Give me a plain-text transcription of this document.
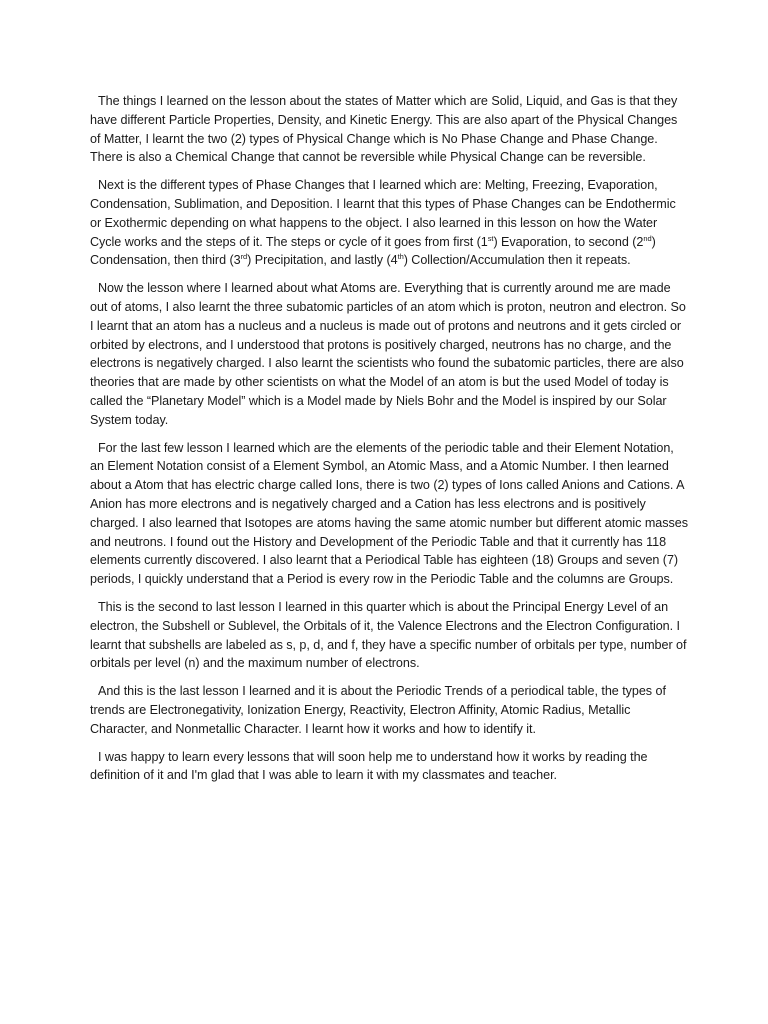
The things I learned on the lesson about the states of Matter which are Solid, Liquid, and Gas is that they have different Particle Properties, Density, and Kinetic Energy. This are also apart of the Physical Changes of Matter, I learnt the two (2) types of Physical Change which is No Phase Change and Phase Change. There is also a Chemical Change that cannot be reversible while Physical Change can be reversible.

Next is the different types of Phase Changes that I learned which are: Melting, Freezing, Evaporation, Condensation, Sublimation, and Deposition. I learnt that this types of Phase Changes can be Endothermic or Exothermic depending on what happens to the object. I also learned in this lesson on how the Water Cycle works and the steps of it. The steps or cycle of it goes from first (1st) Evaporation, to second (2nd) Condensation, then third (3rd) Precipitation, and lastly (4th) Collection/Accumulation then it repeats.

Now the lesson where I learned about what Atoms are. Everything that is currently around me are made out of atoms, I also learnt the three subatomic particles of an atom which is proton, neutron and electron. So I learnt that an atom has a nucleus and a nucleus is made out of protons and neutrons and it gets circled or orbited by electrons, and I understood that protons is positively charged, neutrons has no charge, and the electrons is negatively charged. I also learnt the scientists who found the subatomic particles, there are also theories that are made by other scientists on what the Model of an atom is but the used Model of today is called the “Planetary Model” which is a Model made by Niels Bohr and the Model is inspired by our Solar System today.

For the last few lesson I learned which are the elements of the periodic table and their Element Notation, an Element Notation consist of a Element Symbol, an Atomic Mass, and a Atomic Number. I then learned about a Atom that has electric charge called Ions, there is two (2) types of Ions called Anions and Cations. A Anion has more electrons and is negatively charged and a Cation has less electrons and is positively charged. I also learned that Isotopes are atoms having the same atomic number but different atomic masses and neutrons. I found out the History and Development of the Periodic Table and that it currently has 118 elements currently discovered. I also learnt that a Periodical Table has eighteen (18) Groups and seven (7) periods, I quickly understand that a Period is every row in the Periodic Table and the columns are Groups.

This is the second to last lesson I learned in this quarter which is about the Principal Energy Level of an electron, the Subshell or Sublevel, the Orbitals of it, the Valence Electrons and the Electron Configuration. I learnt that subshells are labeled as s, p, d, and f, they have a specific number of orbitals per type, number of orbitals per level (n) and the maximum number of electrons.

And this is the last lesson I learned and it is about the Periodic Trends of a periodical table, the types of trends are Electronegativity, Ionization Energy, Reactivity, Electron Affinity, Atomic Radius, Metallic Character, and Nonmetallic Character. I learnt how it works and how to identify it.

I was happy to learn every lessons that will soon help me to understand how it works by reading the definition of it and I'm glad that I was able to learn it with my classmates and teacher.
